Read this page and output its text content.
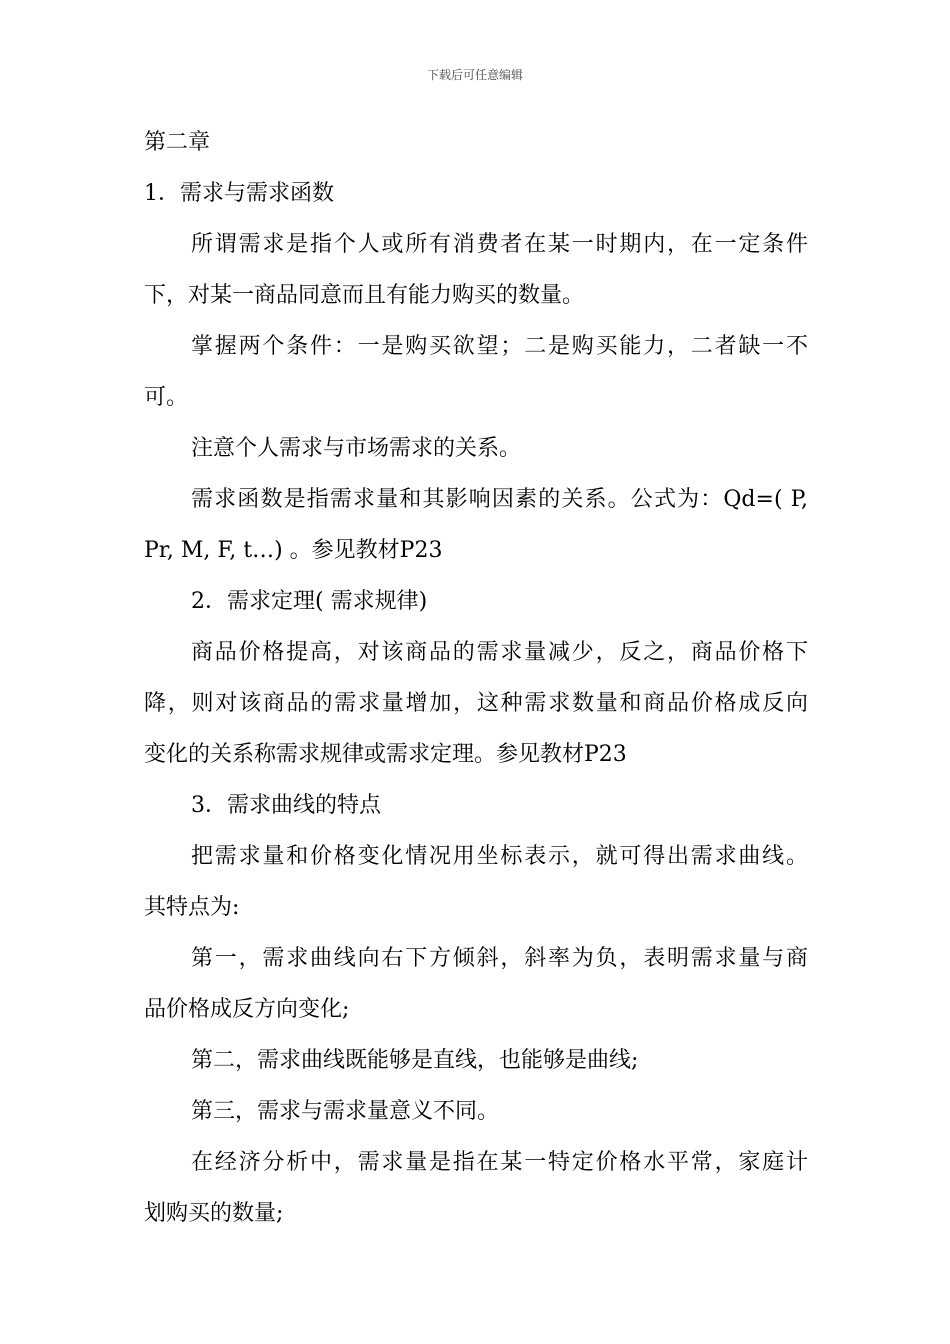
下载后可任意编辑

第二章

1．需求与需求函数

所谓需求是指个人或所有消费者在某一时期内，在一定条件

下，对某一商品同意而且有能力购买的数量。

掌握两个条件：一是购买欲望；二是购买能力，二者缺一不

可。

注意个人需求与市场需求的关系。

需求函数是指需求量和其影响因素的关系。公式为：Qd=( P,

Pr, M, F, t…) 。参见教材P23

2．需求定理( 需求规律)

商品价格提高，对该商品的需求量减少，反之，商品价格下

降，则对该商品的需求量增加，这种需求数量和商品价格成反向

变化的关系称需求规律或需求定理。参见教材P23

3．需求曲线的特点

把需求量和价格变化情况用坐标表示，就可得出需求曲线。

其特点为:

第一，需求曲线向右下方倾斜，斜率为负，表明需求量与商

品价格成反方向变化;

第二，需求曲线既能够是直线，也能够是曲线;

第三，需求与需求量意义不同。

在经济分析中，需求量是指在某一特定价格水平常，家庭计

划购买的数量;
